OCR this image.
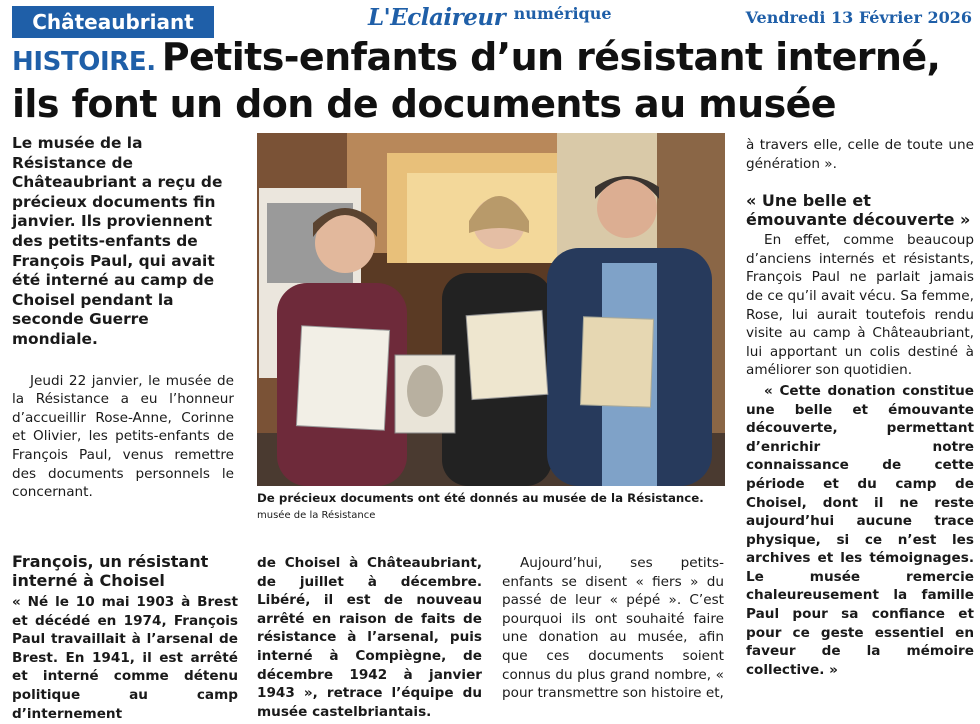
Châteaubriant	L'Eclaireur numérique	Vendredi 13 Février 2026
HISTOIRE. Petits-enfants d’un résistant interné, ils font un don de documents au musée

Le musée de la Résistance de Châteaubriant a reçu de précieux documents fin janvier. Ils proviennent des petits-enfants de François Paul, qui avait été interné au camp de Choisel pendant la seconde Guerre mondiale.

Jeudi 22 janvier, le musée de la Résistance a eu l’honneur d’accueillir Rose-Anne, Corinne et Olivier, les petits-enfants de François Paul, venus remettre des documents personnels le concernant.	De précieux documents ont été donnés au musée de la Résistance. musée de la Résistance

François, un résistant interné à Choisel

« Né le 10 mai 1903 à Brest et décédé en 1974, François Paul travaillait à l’arsenal de Brest. En 1941, il est arrêté et interné comme détenu politique au camp d’internement

de Choisel à Châteaubriant, de juillet à décembre. Libéré, il est de nouveau arrêté en raison de faits de résistance à l’arsenal, puis interné à Compiègne, de décembre 1942 à janvier 1943 », retrace l’équipe du musée castelbriantais.

Aujourd’hui, ses petits-enfants se disent « fiers » du passé de leur « pépé ». C’est pourquoi ils ont souhaité faire une donation au musée, afin que ces documents soient connus du plus grand nombre, « pour transmettre son histoire et,

à travers elle, celle de toute une génération ».

« Une belle et émouvante découverte »

En effet, comme beaucoup d’anciens internés et résistants, François Paul ne parlait jamais de ce qu’il avait vécu. Sa femme, Rose, lui aurait toutefois rendu visite au camp à Châteaubriant, lui apportant un colis destiné à améliorer son quotidien.

« Cette donation constitue une belle et émouvante découverte, permettant d’enrichir notre connaissance de cette période et du camp de Choisel, dont il ne reste aujourd’hui aucune trace physique, si ce n’est les archives et les témoignages. Le musée remercie chaleureusement la famille Paul pour sa confiance et pour ce geste essentiel en faveur de la mémoire collective. »
